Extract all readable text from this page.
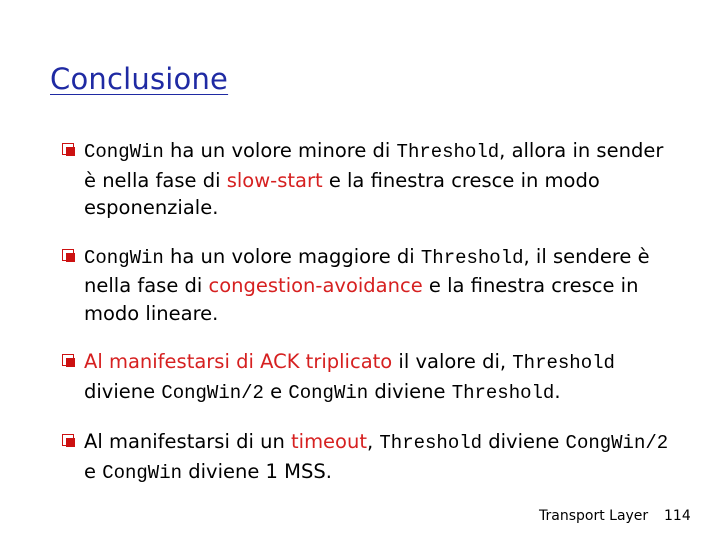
Conclusione
CongWin ha un volore minore di Threshold, allora in sender è nella fase di slow-start e la finestra cresce in modo esponenziale.
CongWin ha un volore maggiore di Threshold, il sendere è nella fase di congestion-avoidance e la finestra cresce in modo lineare.
Al manifestarsi di ACK triplicato il valore di, Threshold diviene CongWin/2 e CongWin diviene Threshold.
Al manifestarsi di un timeout, Threshold diviene CongWin/2 e CongWin diviene 1 MSS.
Transport Layer 114
